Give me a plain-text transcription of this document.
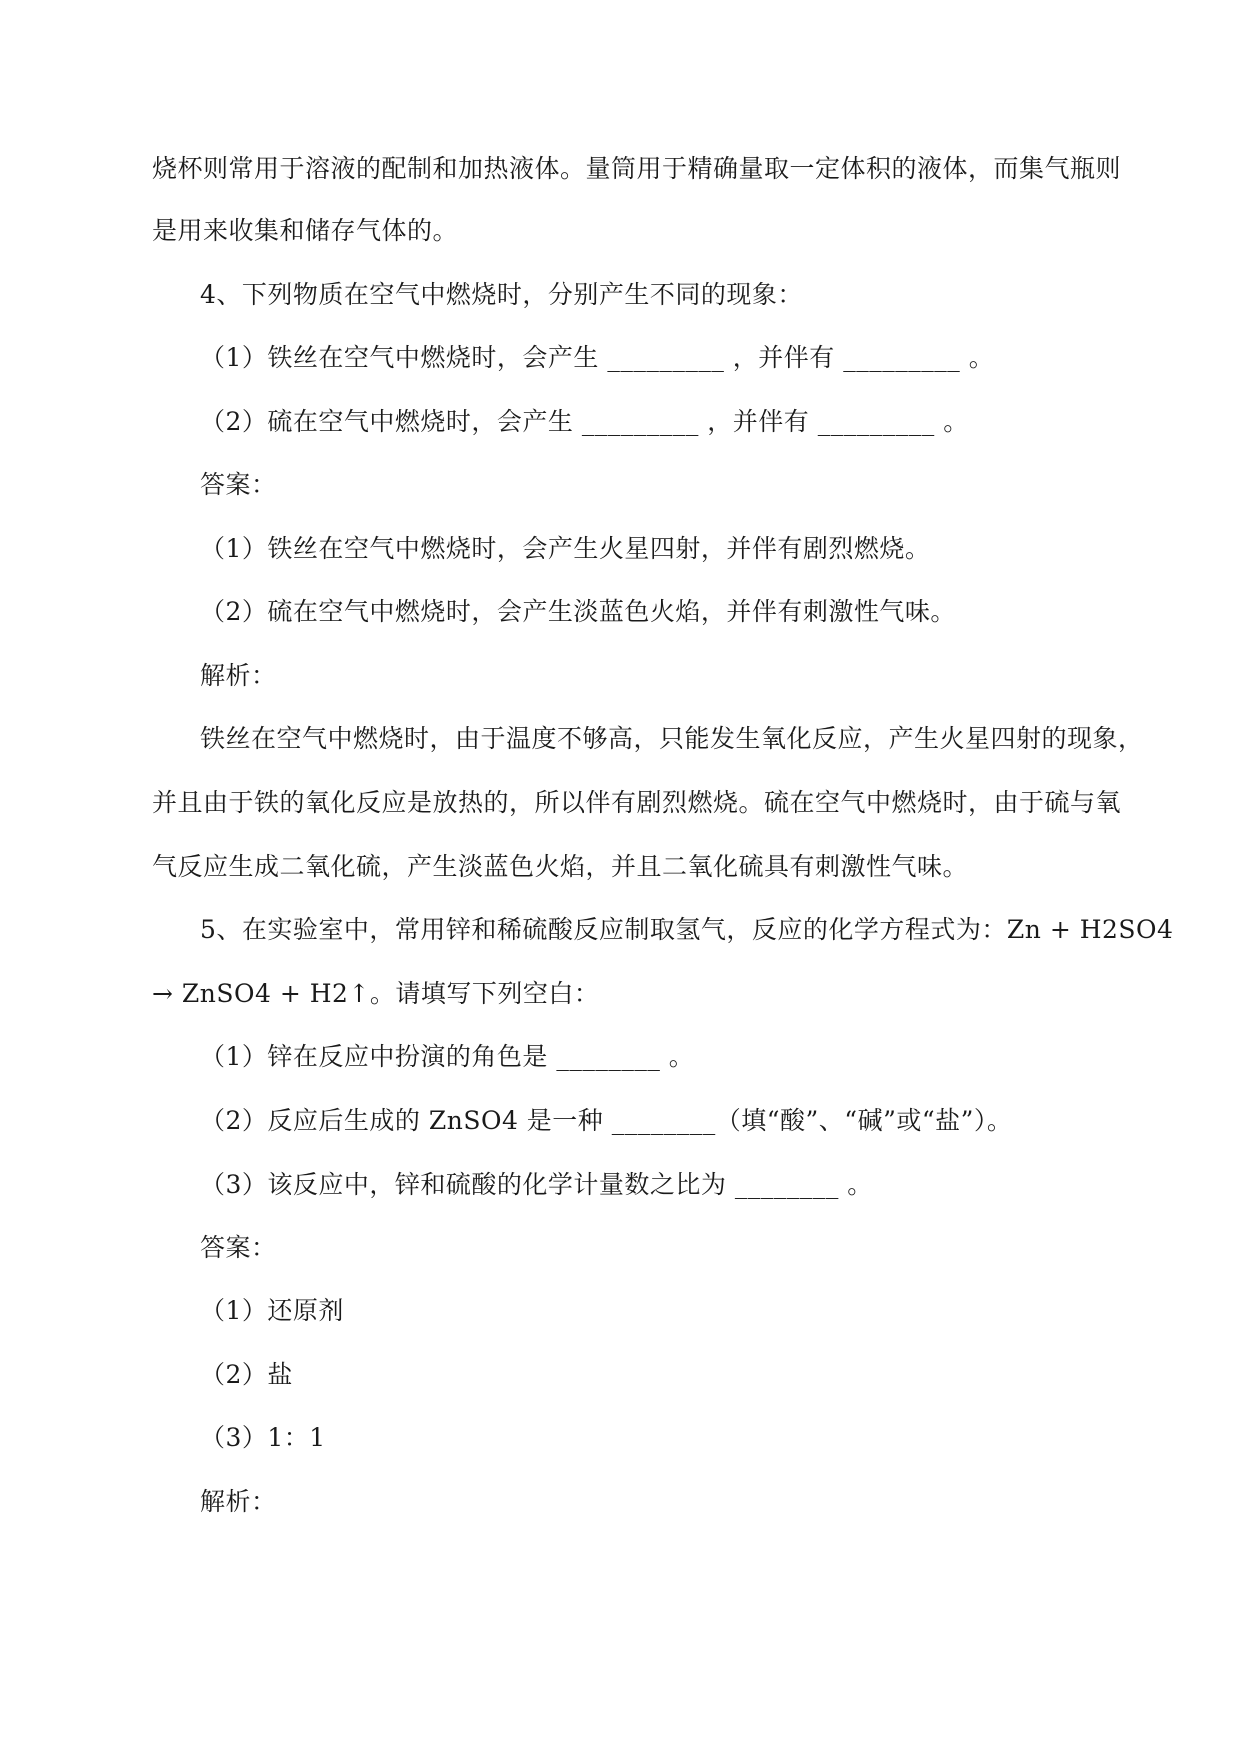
烧杯则常用于溶液的配制和加热液体。量筒用于精确量取一定体积的液体，而集气瓶则
是用来收集和储存气体的。
4、下列物质在空气中燃烧时，分别产生不同的现象：
（1）铁丝在空气中燃烧时，会产生 _________ ，并伴有 _________ 。
（2）硫在空气中燃烧时，会产生 _________ ，并伴有 _________ 。
答案：
（1）铁丝在空气中燃烧时，会产生火星四射，并伴有剧烈燃烧。
（2）硫在空气中燃烧时，会产生淡蓝色火焰，并伴有刺激性气味。
解析：
铁丝在空气中燃烧时，由于温度不够高，只能发生氧化反应，产生火星四射的现象，
并且由于铁的氧化反应是放热的，所以伴有剧烈燃烧。硫在空气中燃烧时，由于硫与氧
气反应生成二氧化硫，产生淡蓝色火焰，并且二氧化硫具有刺激性气味。
5、在实验室中，常用锌和稀硫酸反应制取氢气，反应的化学方程式为：Zn + H2SO4
→ ZnSO4 + H2↑。请填写下列空白：
（1）锌在反应中扮演的角色是 ________ 。
（2）反应后生成的 ZnSO4 是一种 ________（填“酸”、“碱”或“盐”）。
（3）该反应中，锌和硫酸的化学计量数之比为 ________ 。
答案：
（1）还原剂
（2）盐
（3）1：1
解析：
